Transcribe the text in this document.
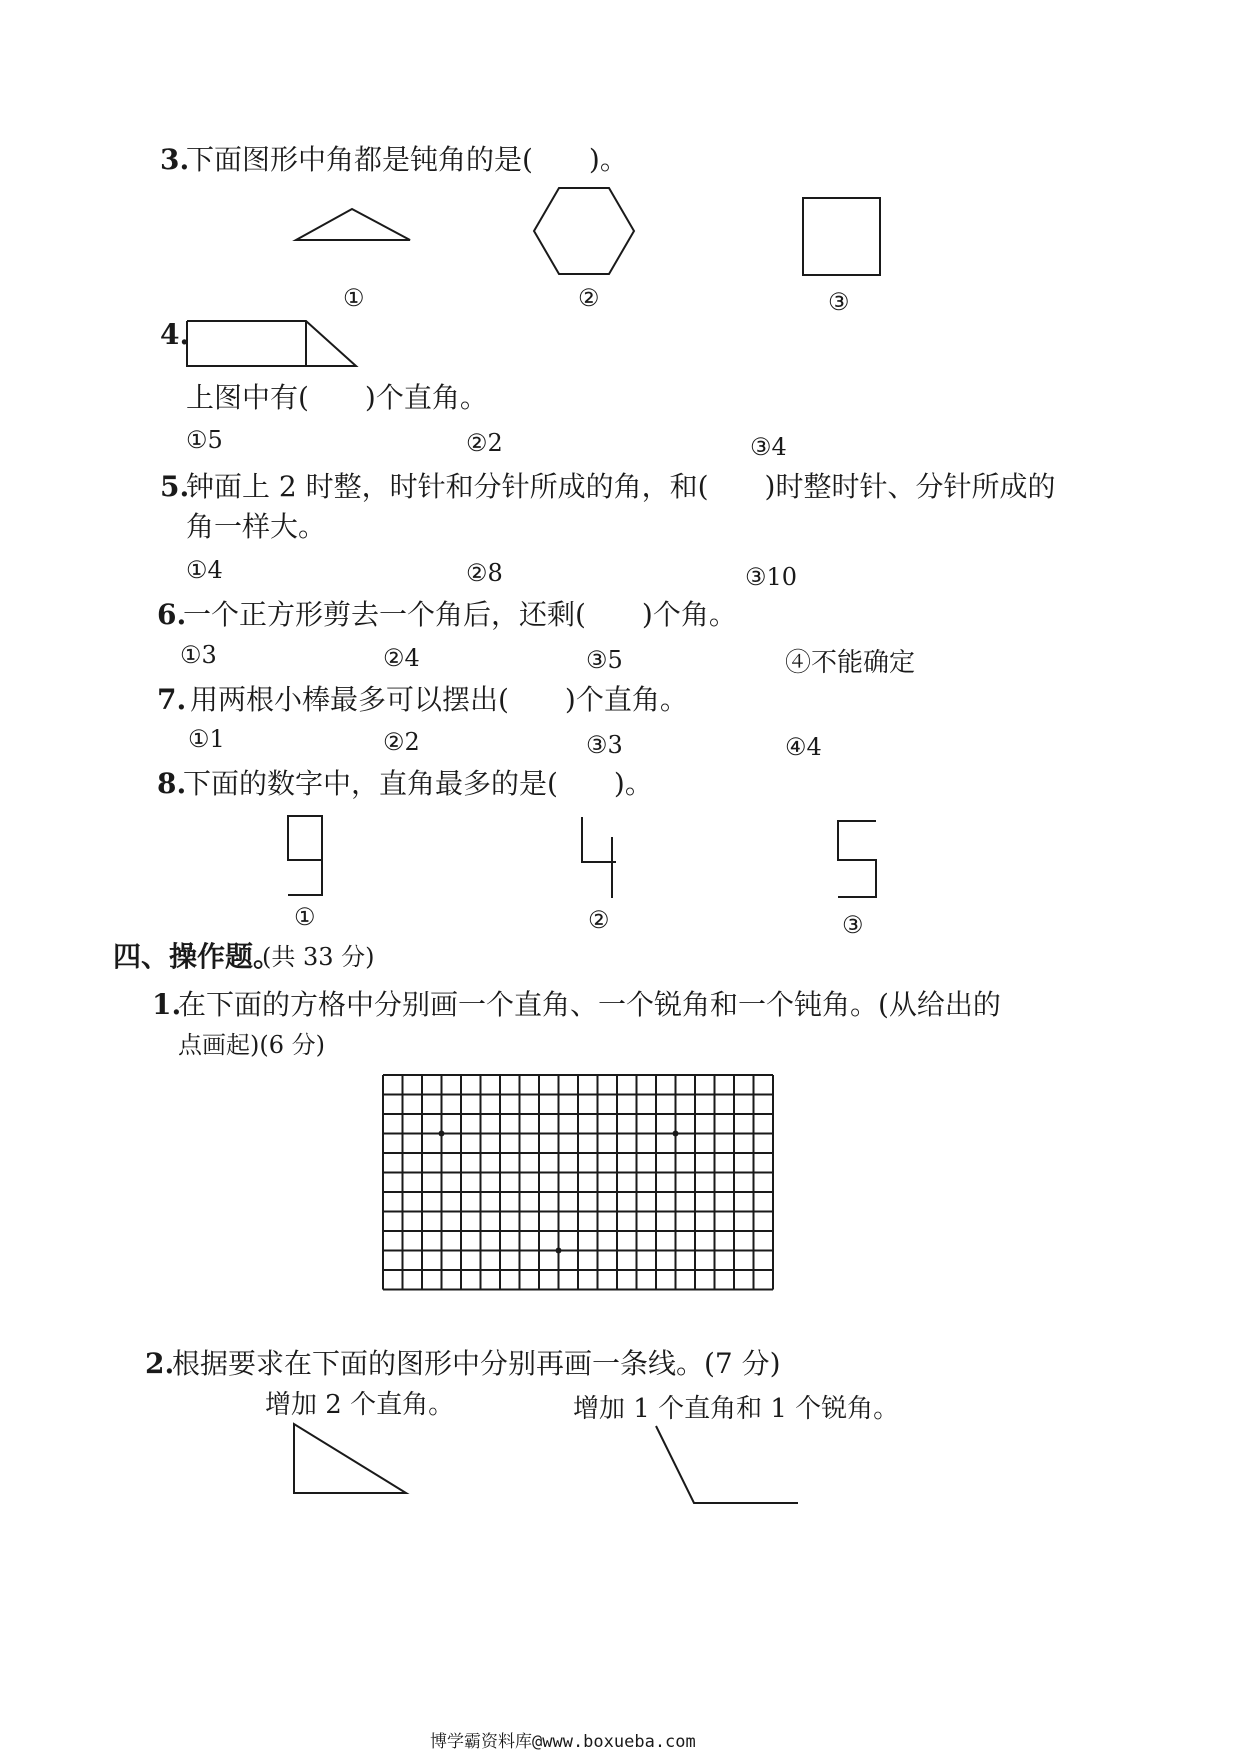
3.
下面图形中角都是钝角的是(　　)。
①	②	③
4.
上图中有(　　)个直角。
①5	②2	③4
5.
钟面上 2 时整，时针和分针所成的角，和(　　)时整时针、分针所成的
角一样大。
①4	②8	③10
6.
一个正方形剪去一个角后，还剩(　　)个角。
①3	②4	③5	④不能确定
7. 用两根小棒最多可以摆出(　　)个直角。
①1	②2	③3	④4
8.
下面的数字中，直角最多的是(　　)。
①	②	③
四、操作题。
(共 33 分)
1.
在下面的方格中分别画一个直角、一个锐角和一个钝角。(从给出的
点画起)(6 分)
2.
根据要求在下面的图形中分别再画一条线。(7 分)
增加 2 个直角。	增加 1 个直角和 1 个锐角。
博学霸资料库@www.boxueba.com
